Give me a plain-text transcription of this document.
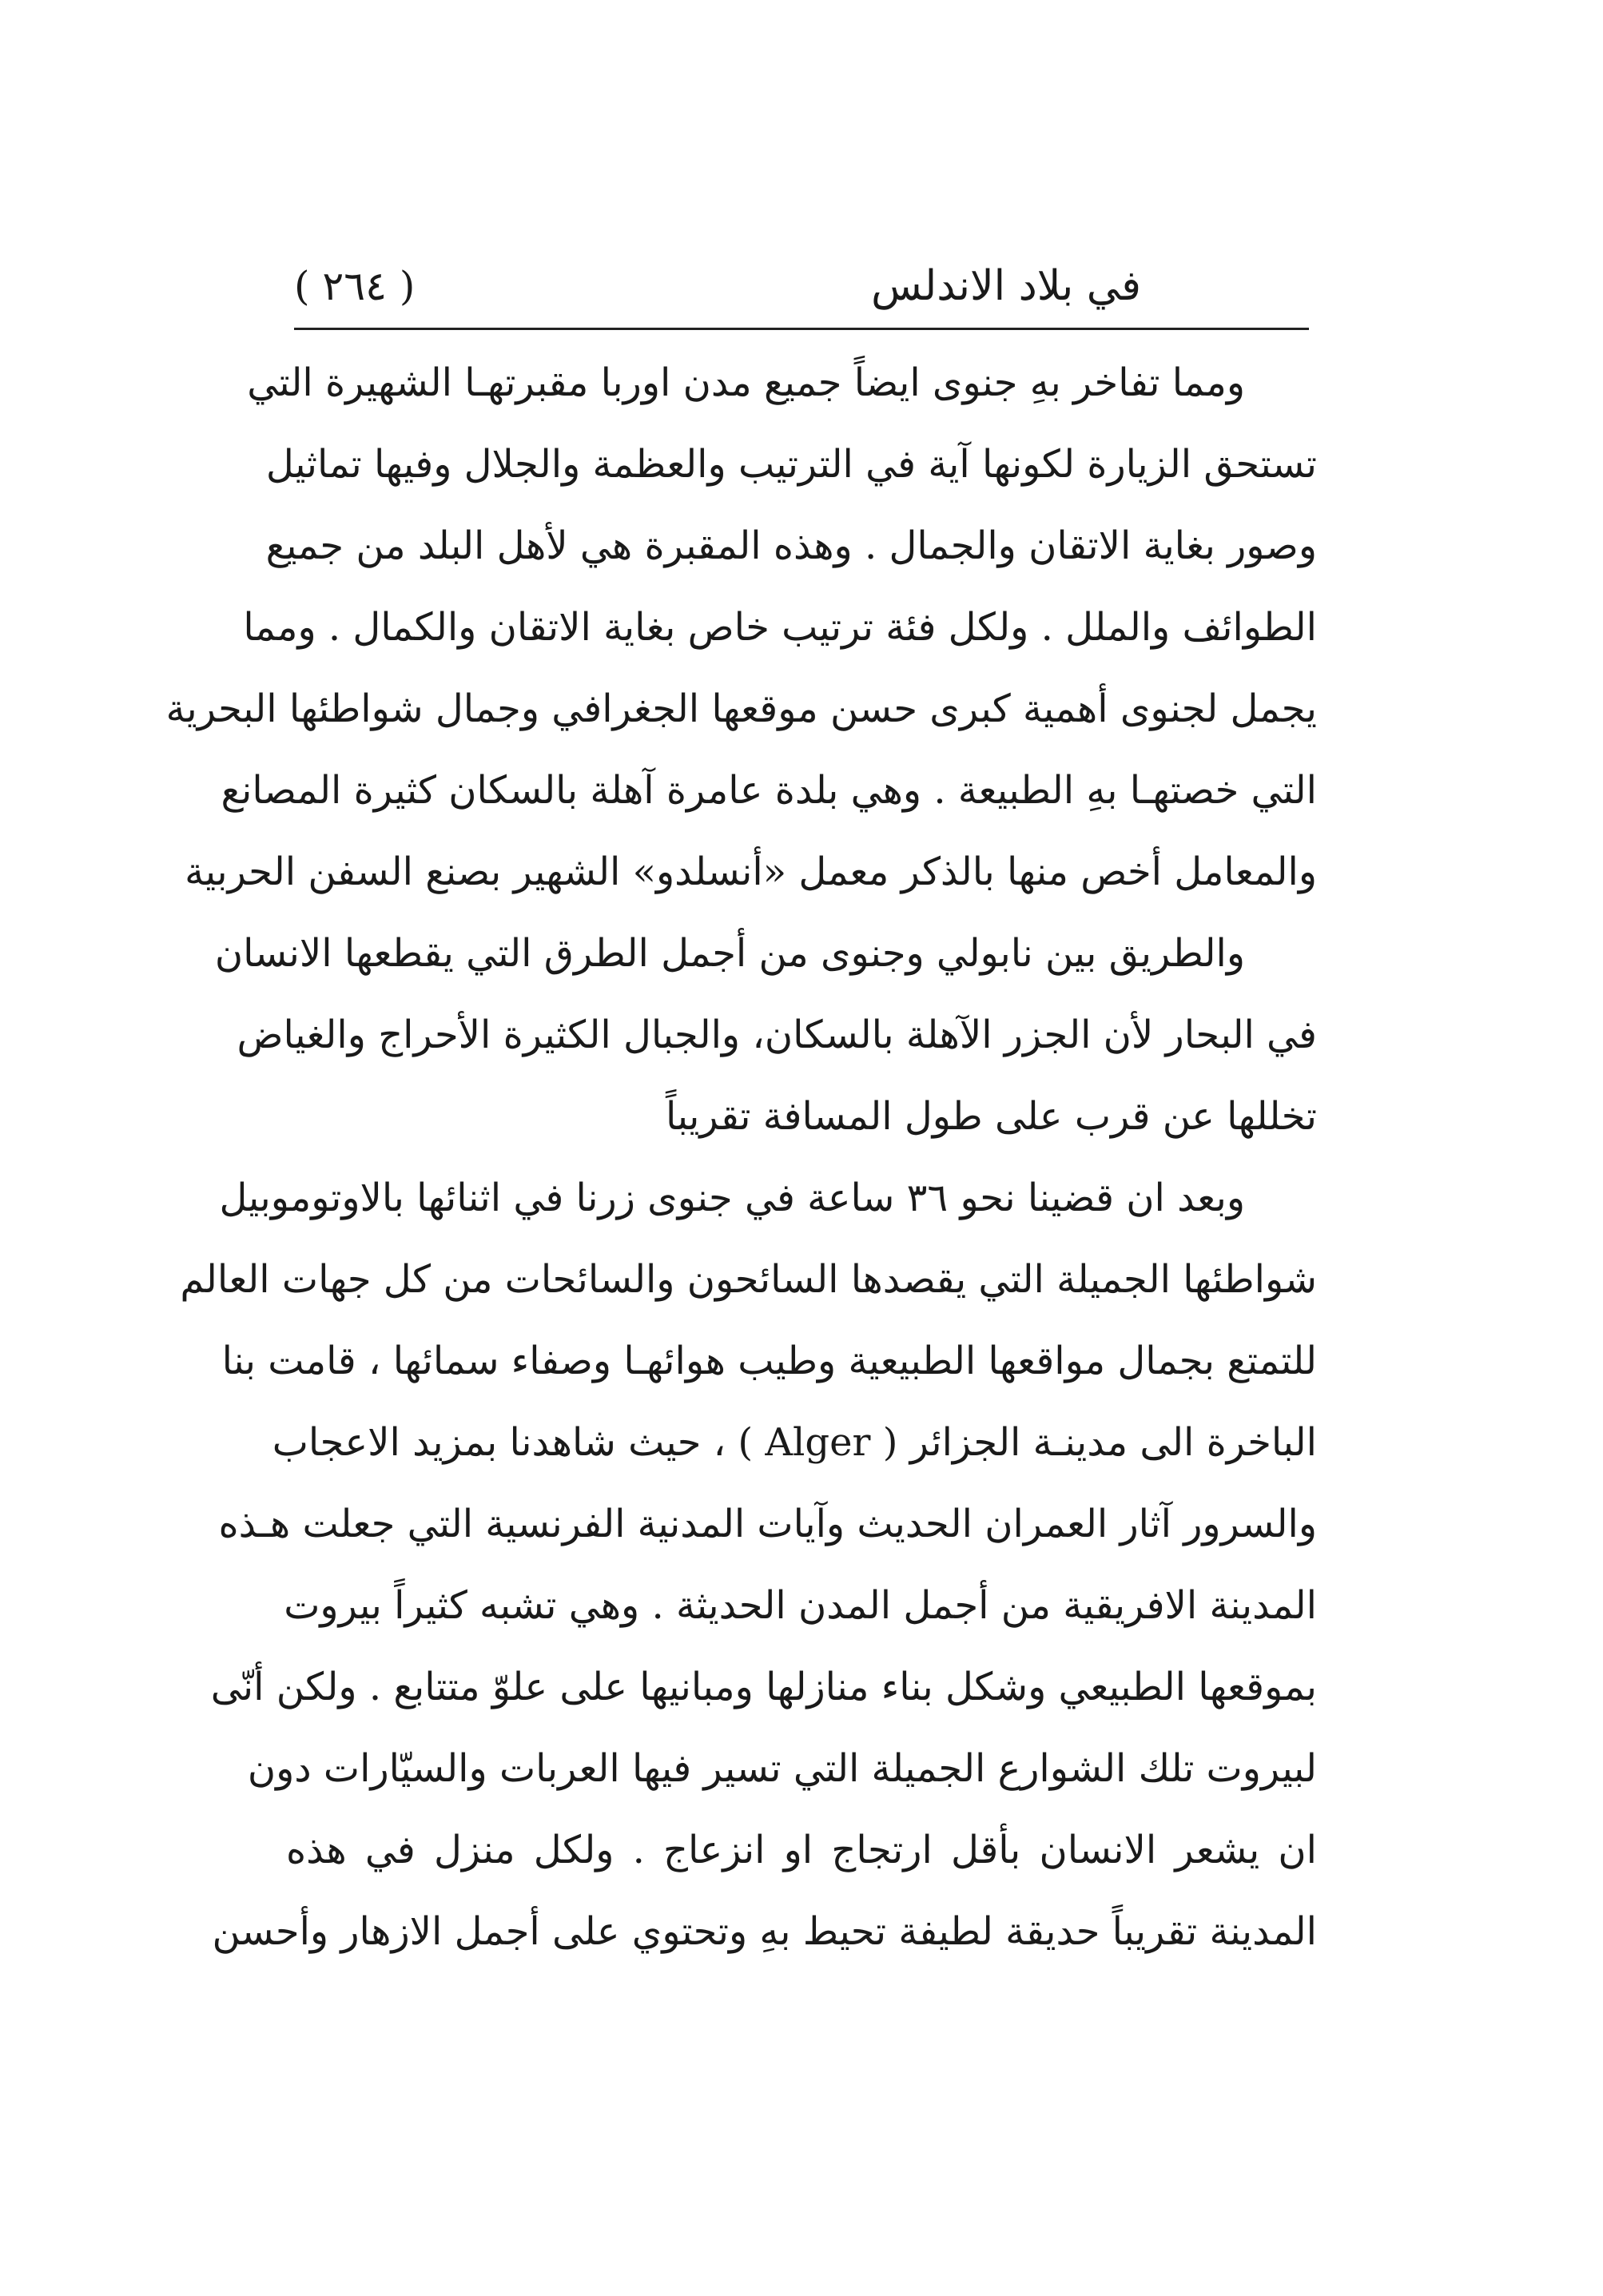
في بلاد الاندلس
( ٢٦٤ )
ومما تفاخر بهِ جنوى ايضاً جميع مدن اوربا مقبرتهـا الشهيرة التي
تستحق الزيارة لكونها آية في الترتيب والعظمة والجلال وفيها تماثيل
وصور بغاية الاتقان والجمال . وهذه المقبرة هي لأهل البلد من جميع
الطوائف والملل . ولكل فئة ترتيب خاص بغاية الاتقان والكمال . ومما
يجمل لجنوى أهمية كبرى حسن موقعها الجغرافي وجمال شواطئها البحرية
التي خصتهـا بهِ الطبيعة . وهي بلدة عامرة آهلة بالسكان كثيرة المصانع
والمعامل أخص منها بالذكر معمل «أنسلدو» الشهير بصنع السفن الحربية
والطريق بين نابولي وجنوى من أجمل الطرق التي يقطعها الانسان
في البحار لأن الجزر الآهلة بالسكان، والجبال الكثيرة الأحراج والغياض
تخللها عن قرب على طول المسافة تقريباً
وبعد ان قضينا نحو ٣٦ ساعة في جنوى زرنا في اثنائها بالاوتوموبيل
شواطئها الجميلة التي يقصدها السائحون والسائحات من كل جهات العالم
للتمتع بجمال مواقعها الطبيعية وطيب هوائهـا وصفاء سمائها ، قامت بنا
الباخرة الى مدينـة الجزائر ( Alger ) ، حيث شاهدنا بمزيد الاعجاب
والسرور آثار العمران الحديث وآيات المدنية الفرنسية التي جعلت هـذه
المدينة الافريقية من أجمل المدن الحديثة . وهي تشبه كثيراً بيروت
بموقعها الطبيعي وشكل بناء منازلها ومبانيها على علوّ متتابع . ولكن أنّى
لبيروت تلك الشوارع الجميلة التي تسير فيها العربات والسيّارات دون
ان يشعر الانسان بأقل ارتجاج او انزعاج . ولكل منزل في هذه
المدينة تقريباً حديقة لطيفة تحيط بهِ وتحتوي على أجمل الازهار وأحسن
